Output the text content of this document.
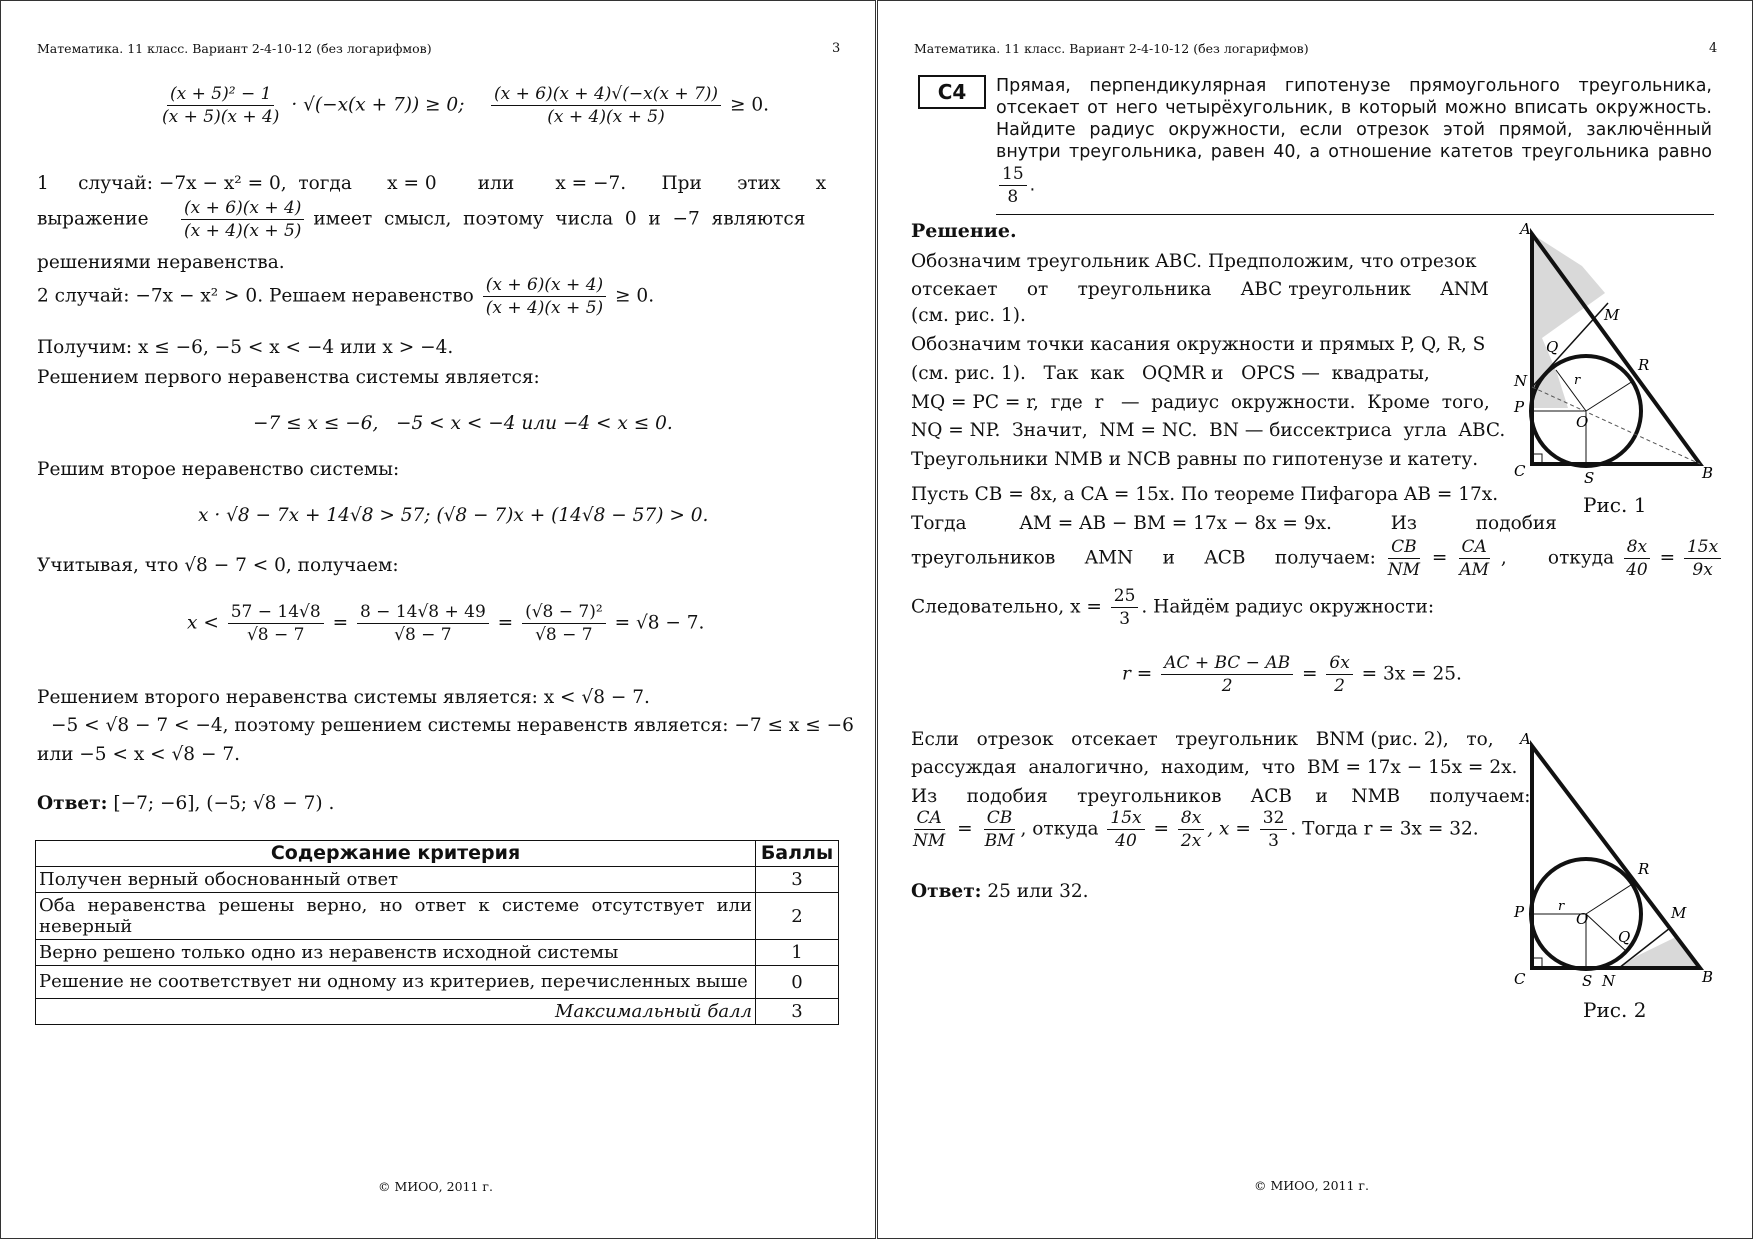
Математика. 11 класс. Вариант 2-4-10-12 (без логарифмов)	3
$\frac{\text{(x + 5)² − 1}}{(x + 5)(x + 4)} \cdot √(-x(x + 7)) \ge 0$; $\frac{(x + 6)(x + 4)√(-x(x + 7))}{(x + 4)(x + 5)} \ge 0$.
1     случай: −7x − x² = 0,  тогда      x = 0       или       x = −7.      При      этих      x
выражение $\frac{(x + 6)(x + 4)}{(x + 4)(x + 5)}$ имеет  смысл,  поэтому  числа  0  и  −7  являются
решениями неравенства.
2 случай: −7x − x² > 0. Решаем неравенство $\frac{(x + 6)(x + 4)}{(x + 4)(x + 5)} \ge 0$.
Получим: x ≤ −6, −5 < x < −4 или x > −4.
Решением первого неравенства системы является:
−7 ≤ x ≤ −6,   −5 < x < −4 или −4 < x ≤ 0.
Решим второе неравенство системы:
x · √8 − 7x + 14√8 > 57; (√8 − 7)x + (14√8 − 57) > 0.
Учитывая, что √8 − 7 < 0, получаем:
$x < \frac{57 - 14√8}{√8 - 7} = \frac{8 - 14√8 + 49}{√8 - 7} = \frac{\text{(√8 − 7)²}}{√8 - 7} = √8 - 7$.
Решением второго неравенства системы является: x < √8 − 7.
−5 < √8 − 7 < −4, поэтому решением системы неравенств является: −7 ≤ x ≤ −6
или −5 < x < √8 − 7.
Ответ: [−7; −6], (−5; √8 − 7) .
Содержание критерия	Баллы
Получен верный обоснованный ответ	3
Оба неравенства решены верно, но ответ к системе отсутствует или неверный	2
Верно решено только одно из неравенств исходной системы	1
Решение не соответствует ни одному из критериев, перечисленных выше	0
Максимальный балл	3
© МИОО, 2011 г.
Математика. 11 класс. Вариант 2-4-10-12 (без логарифмов)	4
C4	Прямая, перпендикулярная гипотенузе прямоугольного треугольника, отсекает от него четырёхугольник, в который можно вписать окружность. Найдите радиус окружности, если отрезок этой прямой, заключённый внутри треугольника, равен 40, а отношение катетов треугольника равно
$\frac{15}{8}$ .
Решение.
Обозначим треугольник ABC. Предположим, что отрезок
отсекает     от     треугольника     ABC треугольник     ANM
(см. рис. 1).
Обозначим точки касания окружности и прямых P, Q, R, S
(см. рис. 1).   Так  как   OQMR и   OPCS —  квадраты,
MQ = PC = r,  где  r   —  радиус  окружности.  Кроме  того,
NQ = NP.  Значит,  NM = NC.  BN — биссектриса  угла  ABC.
Треугольники NMB и NCB равны по гипотенузе и катету.
Пусть CB = 8x, а CA = 15x. По теореме Пифагора AB = 17x.
Тогда         AM = AB − BM = 17x − 8x = 9x.          Из          подобия
треугольников     AMN     и     ACB     получаем: $\frac{CB}{NM} = \frac{CA}{AM}$ ,       откуда $\frac{8x}{40} = \frac{15x}{9x}$
Следовательно, $x = \frac{25}{3}$ . Найдём радиус окружности:
$r = \frac{AC + BC - AB}{2} = \frac{6x}{2} = 3x = 25$.
Если   отрезок   отсекает   треугольник   BNM (рис. 2),   то,
рассуждая  аналогично,  находим,  что  BM = 17x − 15x = 2x.
Из     подобия     треугольников     ACB    и    NMB     получаем:
$\frac{CA}{NM} = \frac{CB}{BM}$ , откуда $\frac{15x}{40} = \frac{8x}{2x}$ , $x = \frac{32}{3}$ . Тогда r = 3x = 32.
Ответ: 25 или 32.
A
B
C
M
N
P
Q
R
S
O
r
Рис. 1
A
B
C
M
N
P
Q
R
S
O
r
Рис. 2
© МИОО, 2011 г.
